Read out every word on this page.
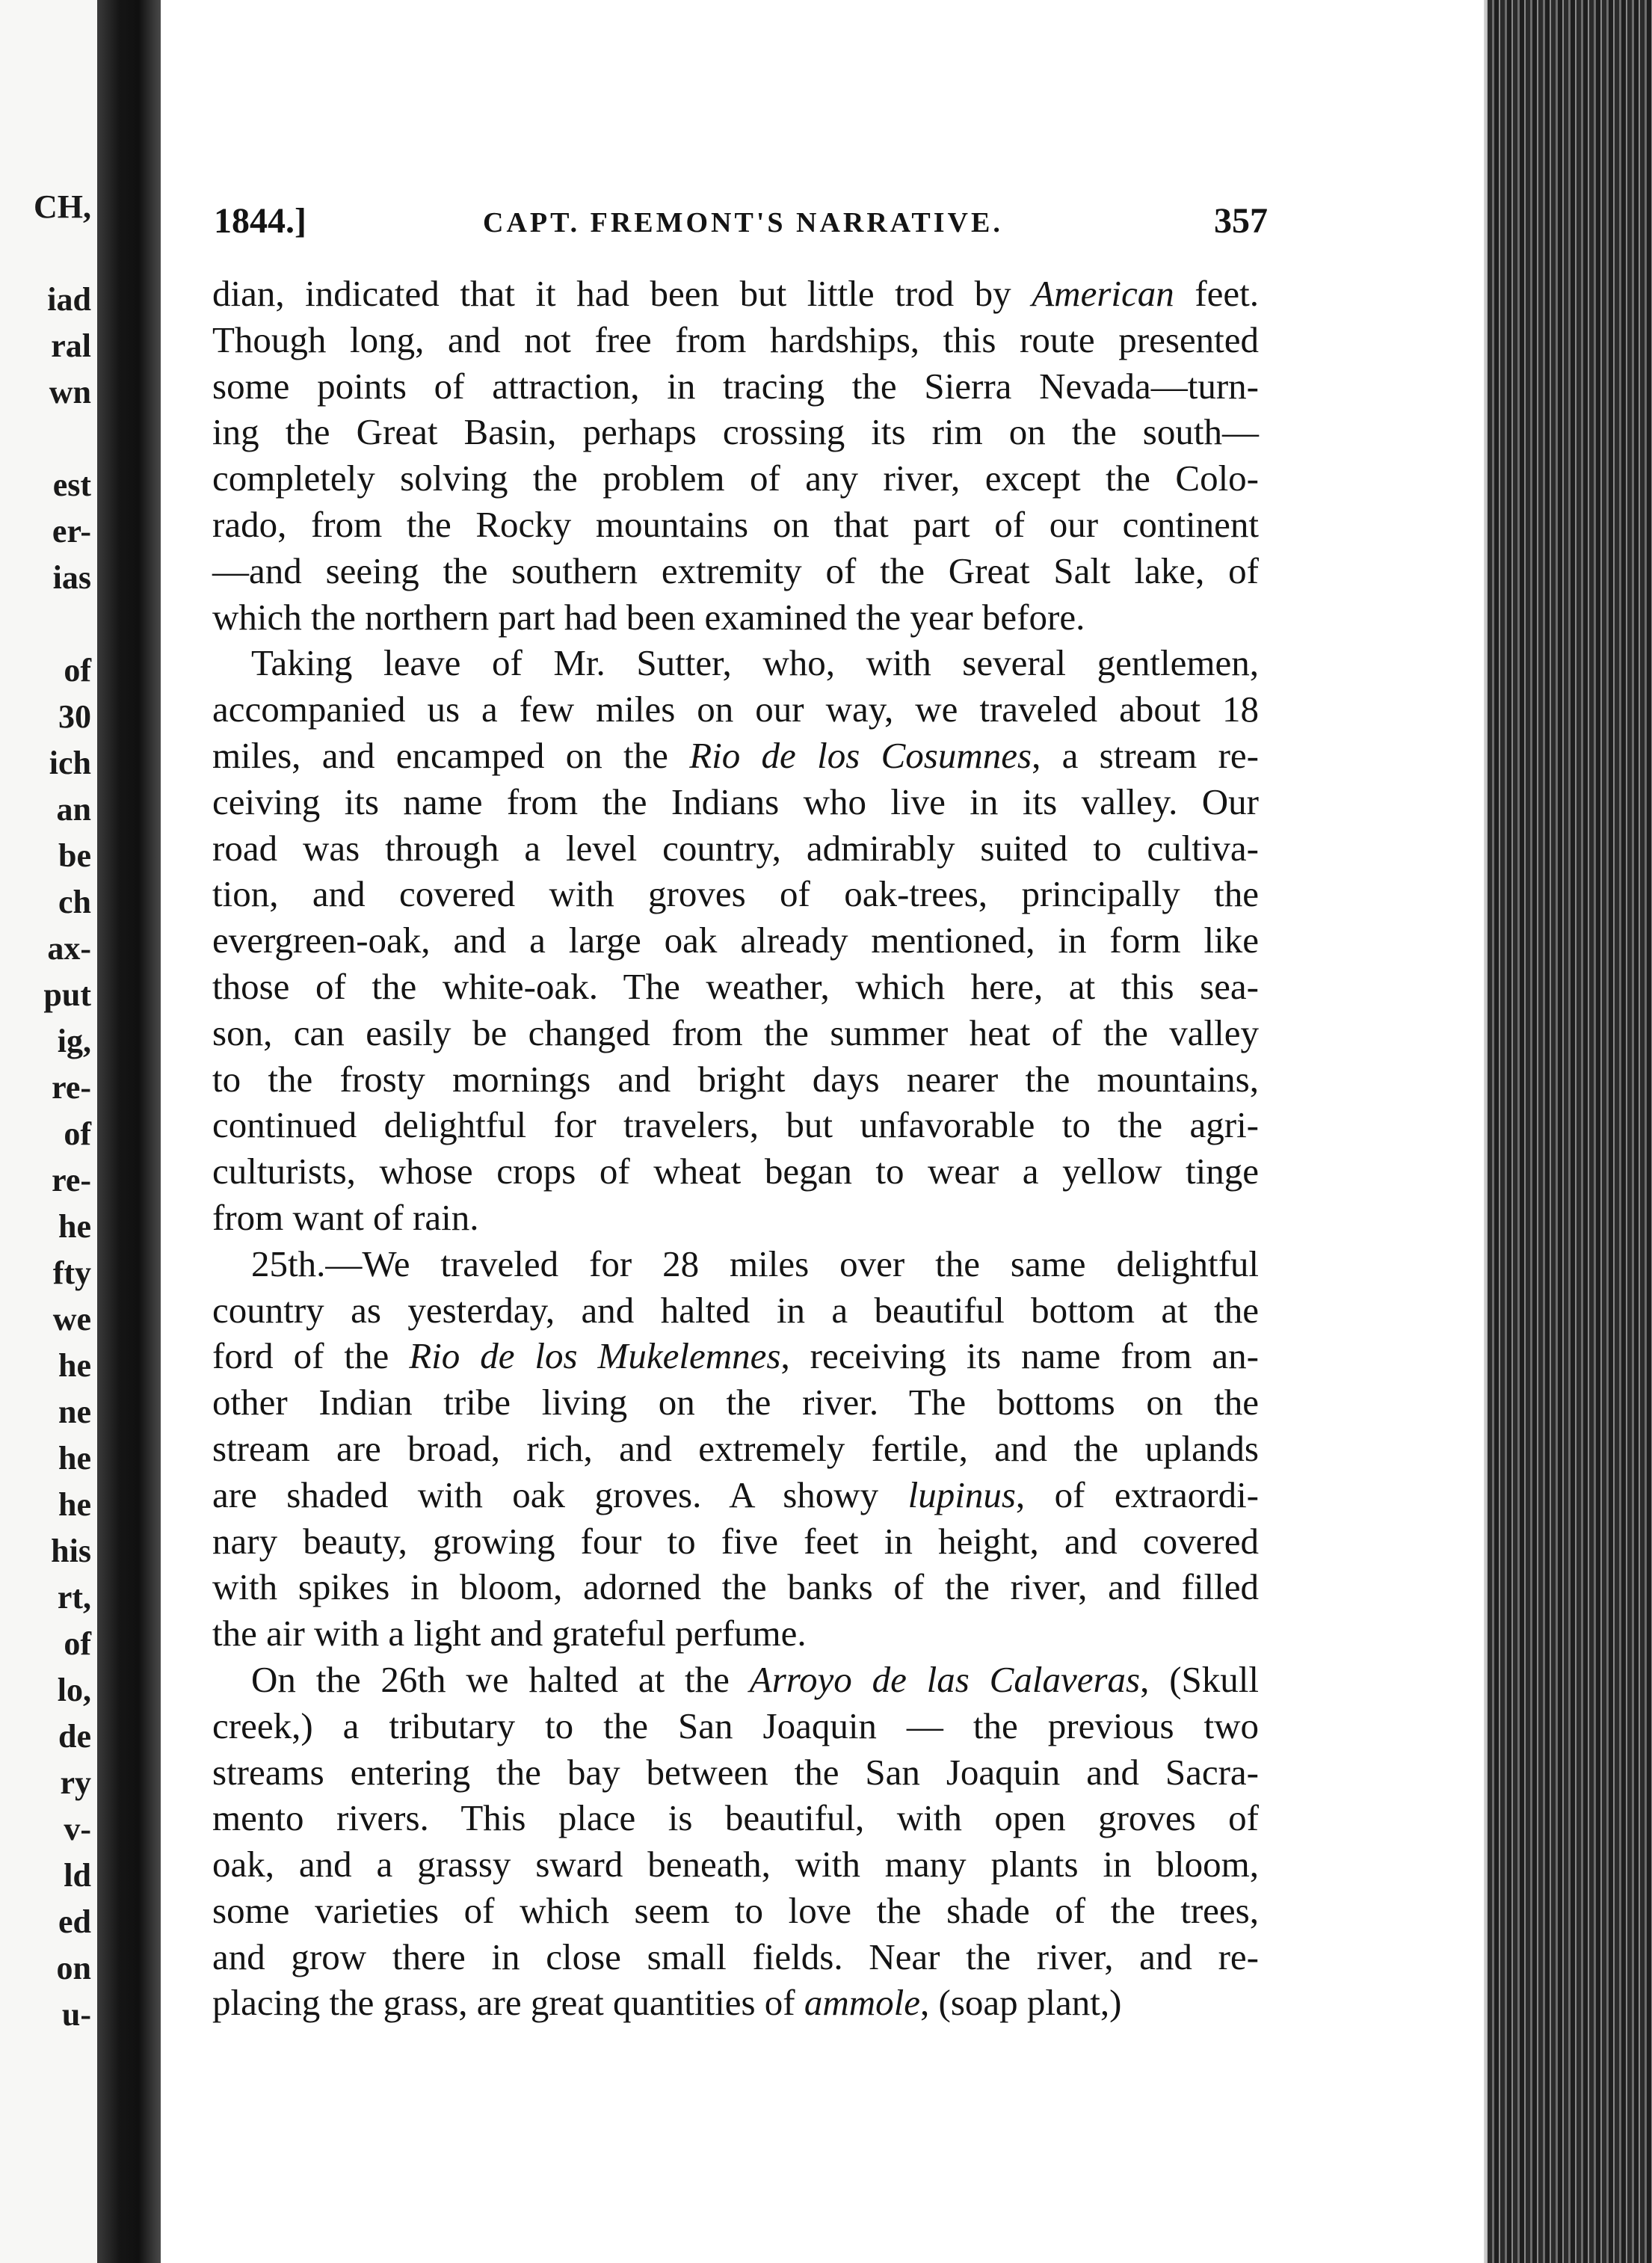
CH,
iad
ral
wn
est
er-
ias
of
30
ich
an
be
ch
ax-
put
ig,
re-
of
re-
he
fty
we
he
ne
he
he
his
rt,
of
lo,
de
ry
v-
ld
ed
on
u-
1844.]	CAPT. FREMONT'S NARRATIVE.	357
dian, indicated that it had been but little trod by American feet.
Though long, and not free from hardships, this route presented
some points of attraction, in tracing the Sierra Nevada—turn-
ing the Great Basin, perhaps crossing its rim on the south—
completely solving the problem of any river, except the Colo-
rado, from the Rocky mountains on that part of our continent
—and seeing the southern extremity of the Great Salt lake, of
which the northern part had been examined the year before.
Taking leave of Mr. Sutter, who, with several gentlemen,
accompanied us a few miles on our way, we traveled about 18
miles, and encamped on the Rio de los Cosumnes, a stream re-
ceiving its name from the Indians who live in its valley. Our
road was through a level country, admirably suited to cultiva-
tion, and covered with groves of oak-trees, principally the
evergreen-oak, and a large oak already mentioned, in form like
those of the white-oak. The weather, which here, at this sea-
son, can easily be changed from the summer heat of the valley
to the frosty mornings and bright days nearer the mountains,
continued delightful for travelers, but unfavorable to the agri-
culturists, whose crops of wheat began to wear a yellow tinge
from want of rain.
25th.—We traveled for 28 miles over the same delightful
country as yesterday, and halted in a beautiful bottom at the
ford of the Rio de los Mukelemnes, receiving its name from an-
other Indian tribe living on the river. The bottoms on the
stream are broad, rich, and extremely fertile, and the uplands
are shaded with oak groves. A showy lupinus, of extraordi-
nary beauty, growing four to five feet in height, and covered
with spikes in bloom, adorned the banks of the river, and filled
the air with a light and grateful perfume.
On the 26th we halted at the Arroyo de las Calaveras, (Skull
creek,) a tributary to the San Joaquin — the previous two
streams entering the bay between the San Joaquin and Sacra-
mento rivers. This place is beautiful, with open groves of
oak, and a grassy sward beneath, with many plants in bloom,
some varieties of which seem to love the shade of the trees,
and grow there in close small fields. Near the river, and re-
placing the grass, are great quantities of ammole, (soap plant,)
